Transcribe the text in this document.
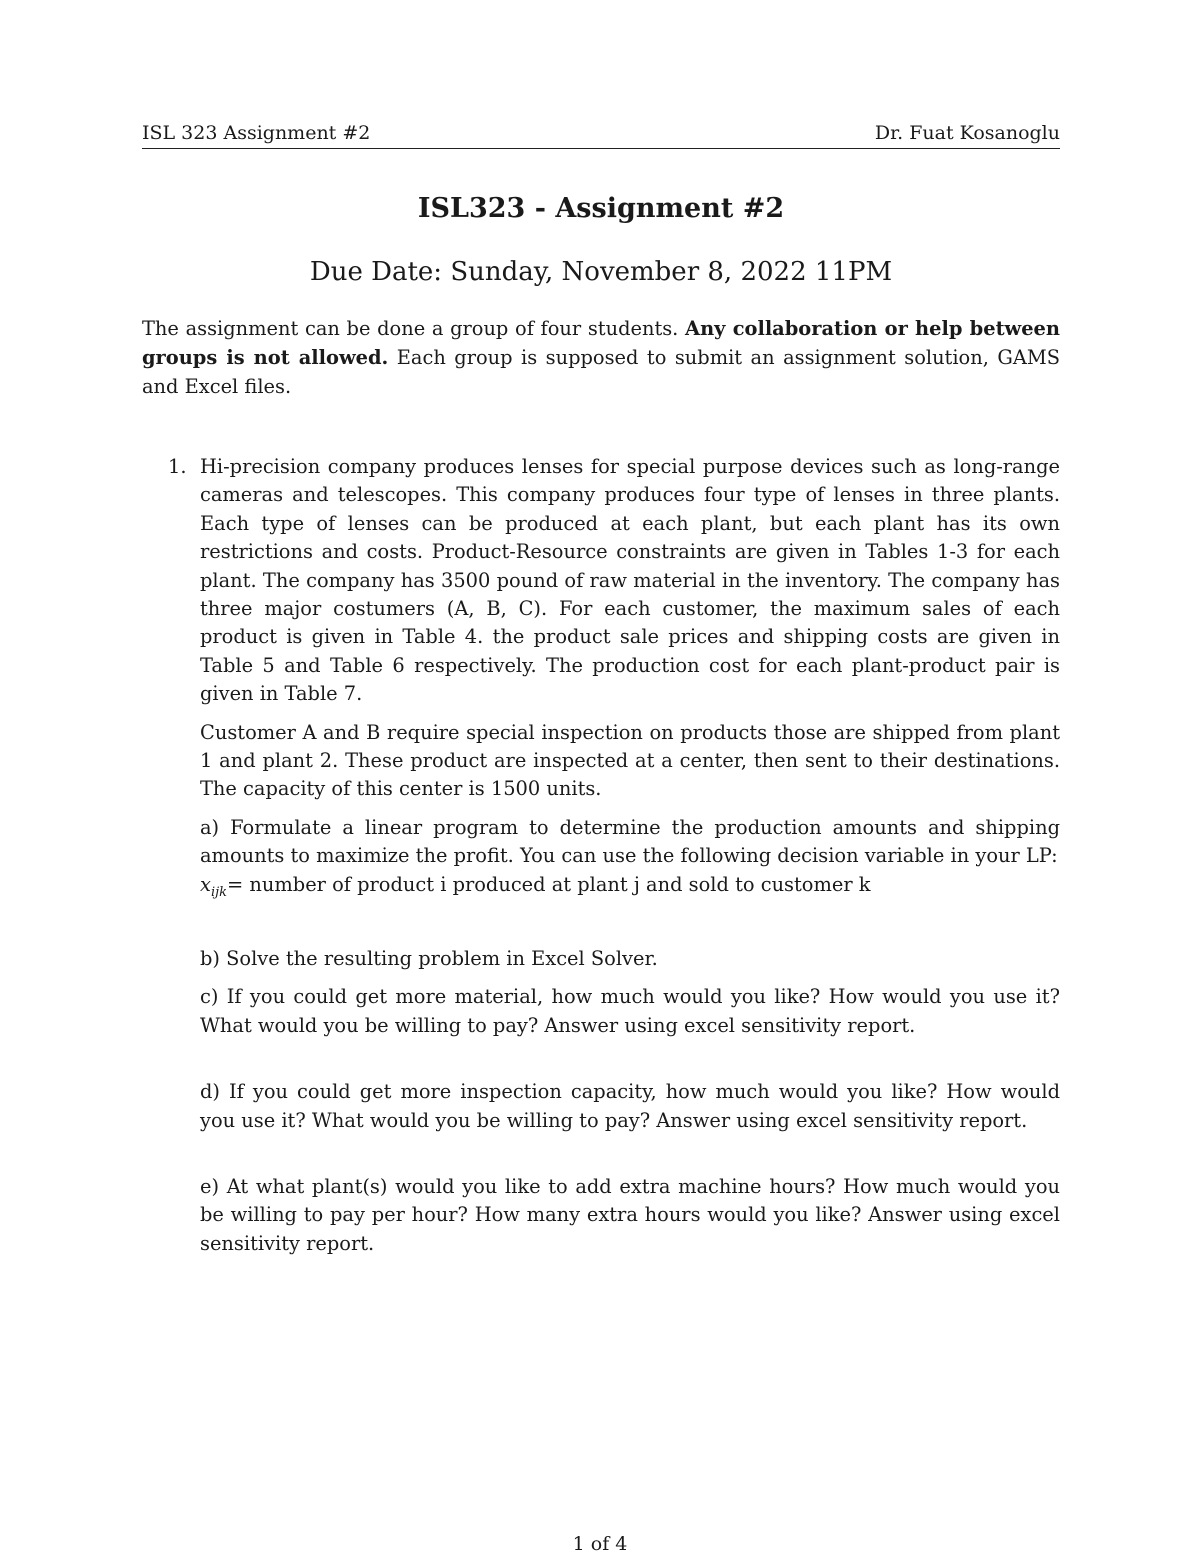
ISL 323 Assignment #2	Dr. Fuat Kosanoglu
ISL323 - Assignment #2
Due Date: Sunday, November 8, 2022 11PM

The assignment can be done a group of four students. Any collaboration or help between groups is not allowed. Each group is supposed to submit an assignment solution, GAMS and Excel files.

1. Hi-precision company produces lenses for special purpose devices such as long-range cameras and telescopes. This company produces four type of lenses in three plants. Each type of lenses can be produced at each plant, but each plant has its own restrictions and costs. Product-Resource constraints are given in Tables 1-3 for each plant. The company has 3500 pound of raw material in the inventory. The company has three major costumers (A, B, C). For each customer, the maximum sales of each product is given in Table 4. the product sale prices and shipping costs are given in Table 5 and Table 6 respectively. The production cost for each plant-product pair is given in Table 7.

Customer A and B require special inspection on products those are shipped from plant 1 and plant 2. These product are inspected at a center, then sent to their destinations. The capacity of this center is 1500 units.

a) Formulate a linear program to determine the production amounts and shipping amounts to maximize the profit. You can use the following decision variable in your LP:

$x_{ijk}=$ number of product i produced at plant j and sold to customer k

b) Solve the resulting problem in Excel Solver.

c) If you could get more material, how much would you like? How would you use it? What would you be willing to pay? Answer using excel sensitivity report.

d) If you could get more inspection capacity, how much would you like? How would you use it? What would you be willing to pay? Answer using excel sensitivity report.

e) At what plant(s) would you like to add extra machine hours? How much would you be willing to pay per hour? How many extra hours would you like? Answer using excel sensitivity report.

1 of 4
